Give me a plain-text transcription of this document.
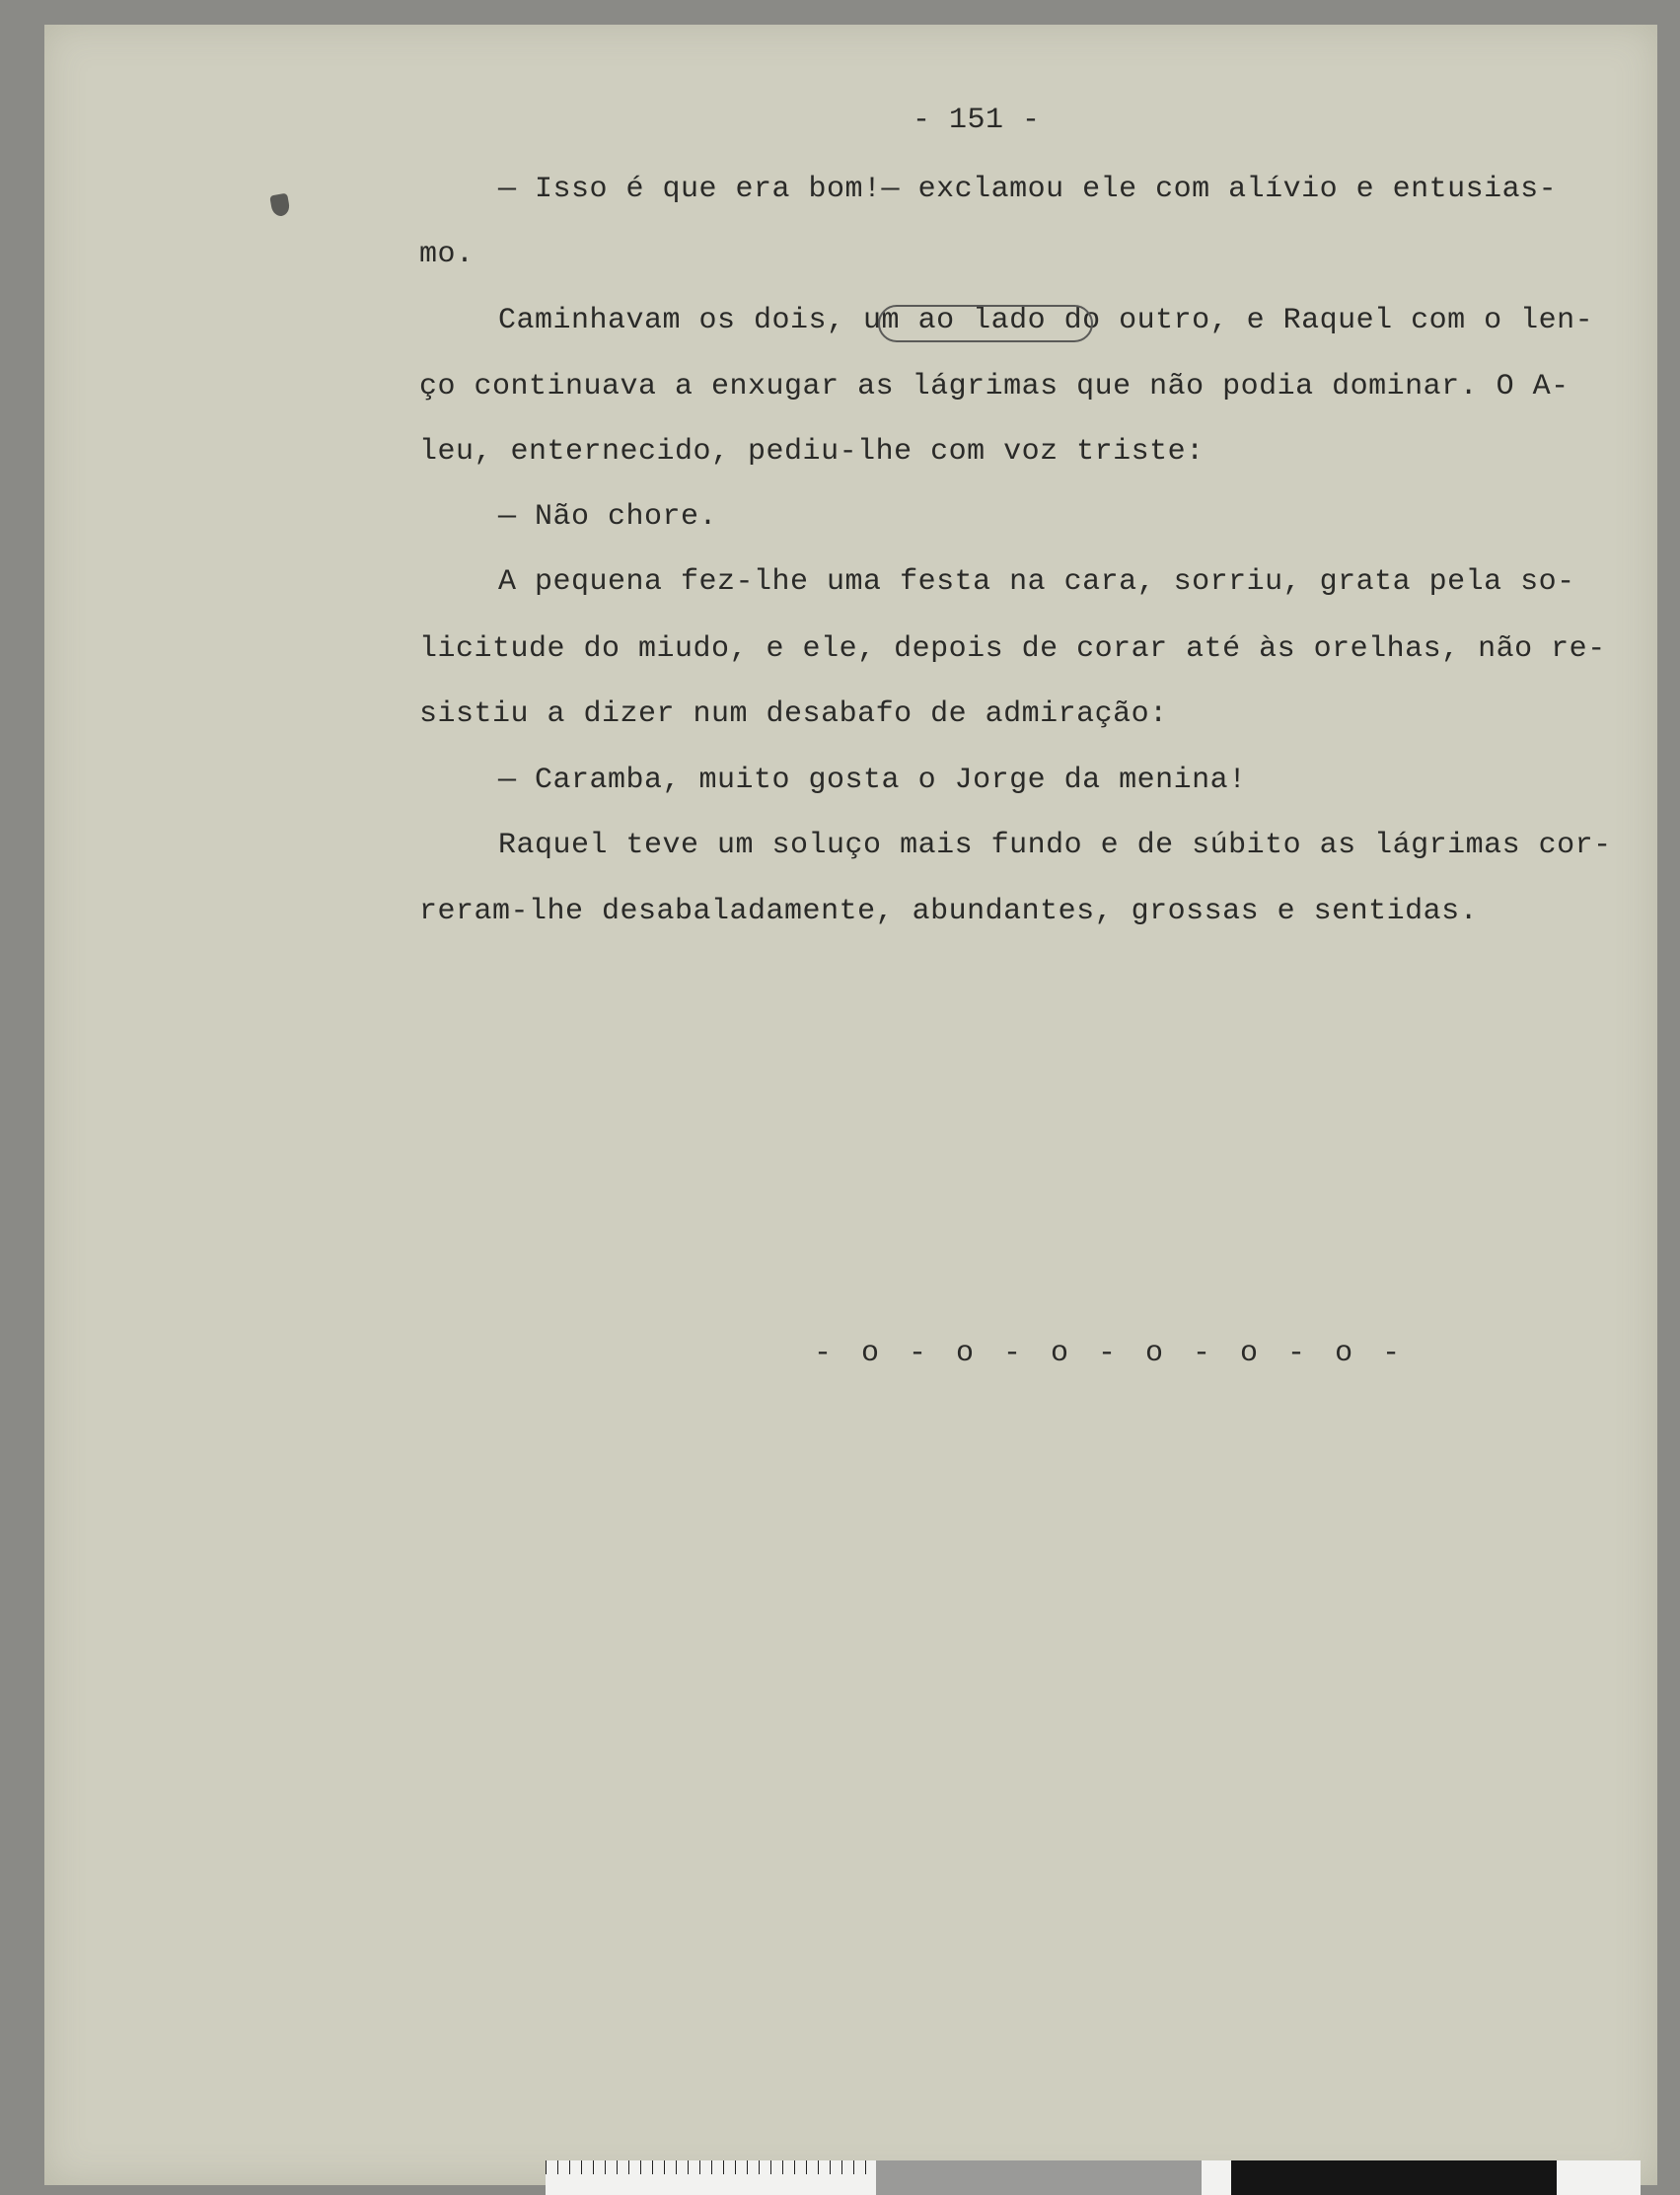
- 151 -
— Isso é que era bom!— exclamou ele com alívio e entusias-
mo.
Caminhavam os dois, um ao lado do outro, e Raquel com o len-
ço continuava a enxugar as lágrimas que não podia dominar. O A-
leu, enternecido, pediu-lhe com voz triste:
— Não chore.
A pequena fez-lhe uma festa na cara, sorriu, grata pela so-
licitude do miudo, e ele, depois de corar até às orelhas, não re-
sistiu a dizer num desabafo de admiração:
— Caramba, muito gosta o Jorge da menina!
Raquel teve um soluço mais fundo e de súbito as lágrimas cor-
reram-lhe desabaladamente, abundantes, grossas e sentidas.
- o - o - o - o - o - o -
